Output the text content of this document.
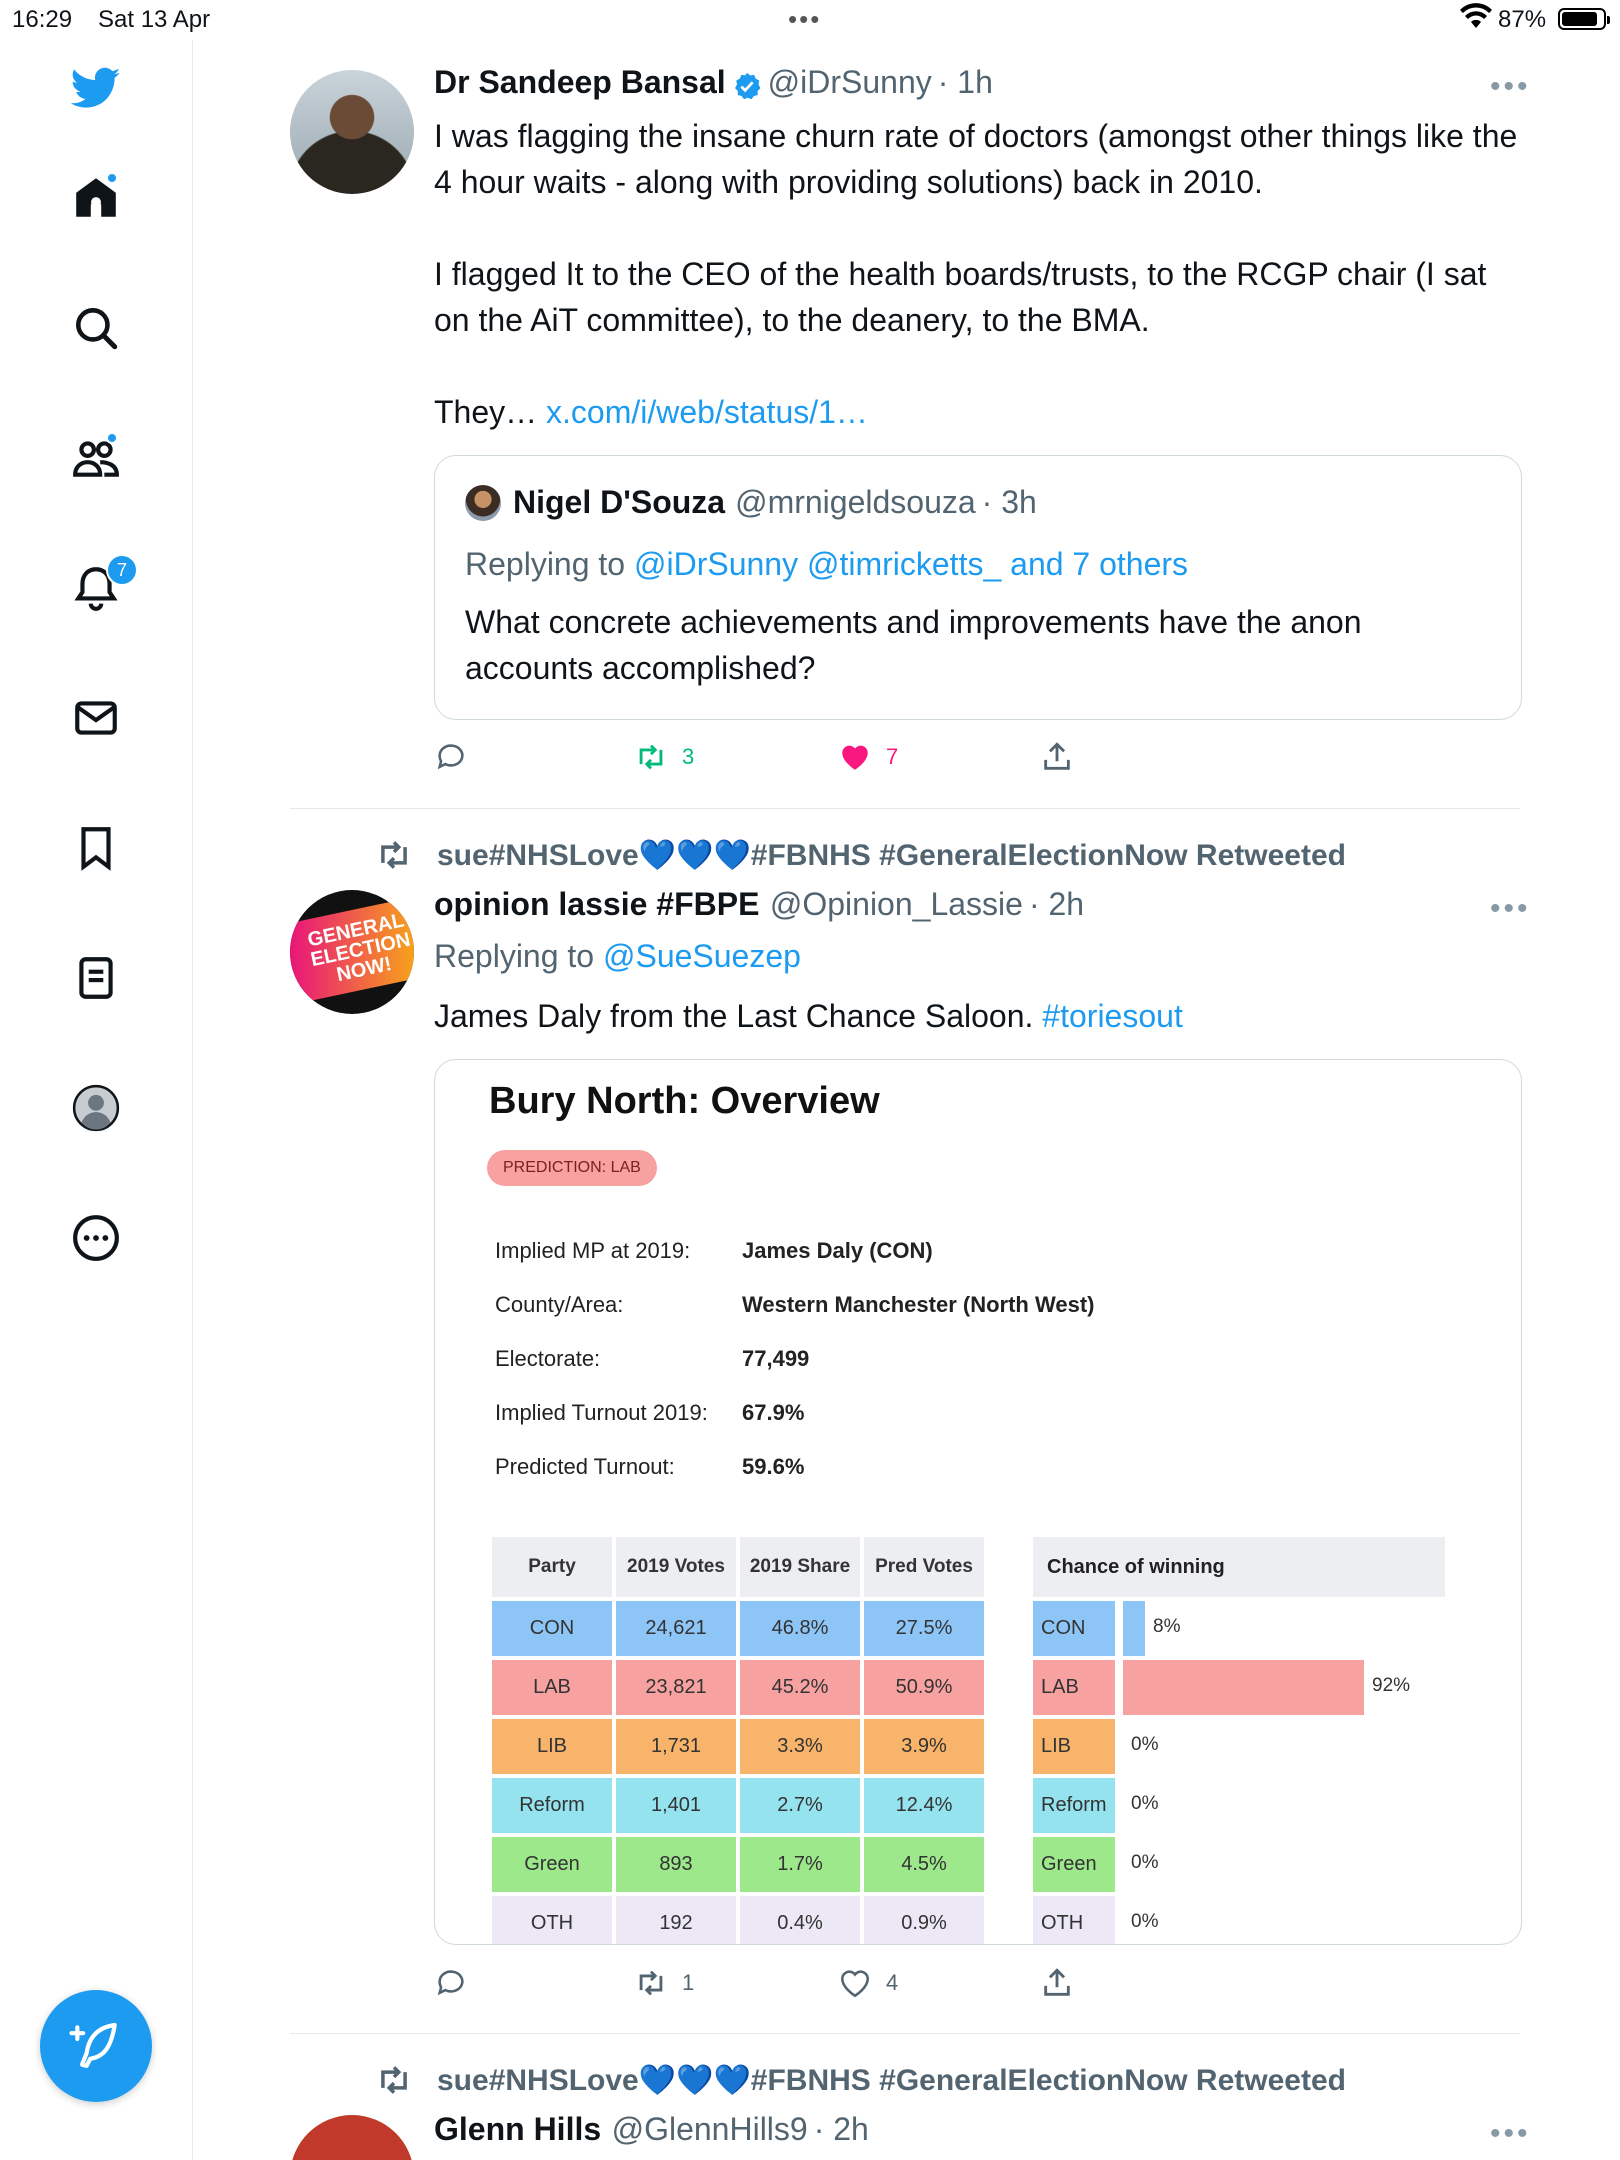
16:29 Sat 13 Apr	•••	87%
7
Dr Sandeep Bansal @iDrSunny · 1h	•••

I was flagging the insane churn rate of doctors (amongst other things like the 4 hour waits - along with providing solutions) back in 2010.

I flagged It to the CEO of the health boards/trusts, to the RCGP chair (I sat on the AiT committee), to the deanery, to the BMA.

They… x.com/i/web/status/1…

Nigel D'Souza @mrnigeldsouza · 3h
Replying to @iDrSunny @timricketts_ and 7 others
What concrete achievements and improvements have the anon accounts accomplished?
3	7
sue#NHSLove💙💙💙#FBNHS #GeneralElectionNow Retweeted
GENERAL ELECTION NOW!
opinion lassie #FBPE @Opinion_Lassie · 2h	•••
Replying to @SueSuezep
James Daly from the Last Chance Saloon. #toriesout
Bury North: Overview
PREDICTION: LAB
Implied MP at 2019: James Daly (CON)
County/Area:	Western Manchester (North West)
Electorate:	77,499
Implied Turnout 2019: 67.9%
Predicted Turnout:	59.6%
Party	2019 Votes	2019 Share	Pred Votes
CON	24,621	46.8%	27.5%
LAB	23,821	45.2%	50.9%
LIB	1,731	3.3%	3.9%
Reform	1,401	2.7%	12.4%
Green	893	1.7%	4.5%
OTH	192	0.4%	0.9%
Chance of winning
CON	8%
LAB	92%
LIB	0%
Reform	0%
Green	0%
OTH	0%
1	4
sue#NHSLove💙💙💙#FBNHS #GeneralElectionNow Retweeted
Glenn Hills @GlennHills9 · 2h	•••
